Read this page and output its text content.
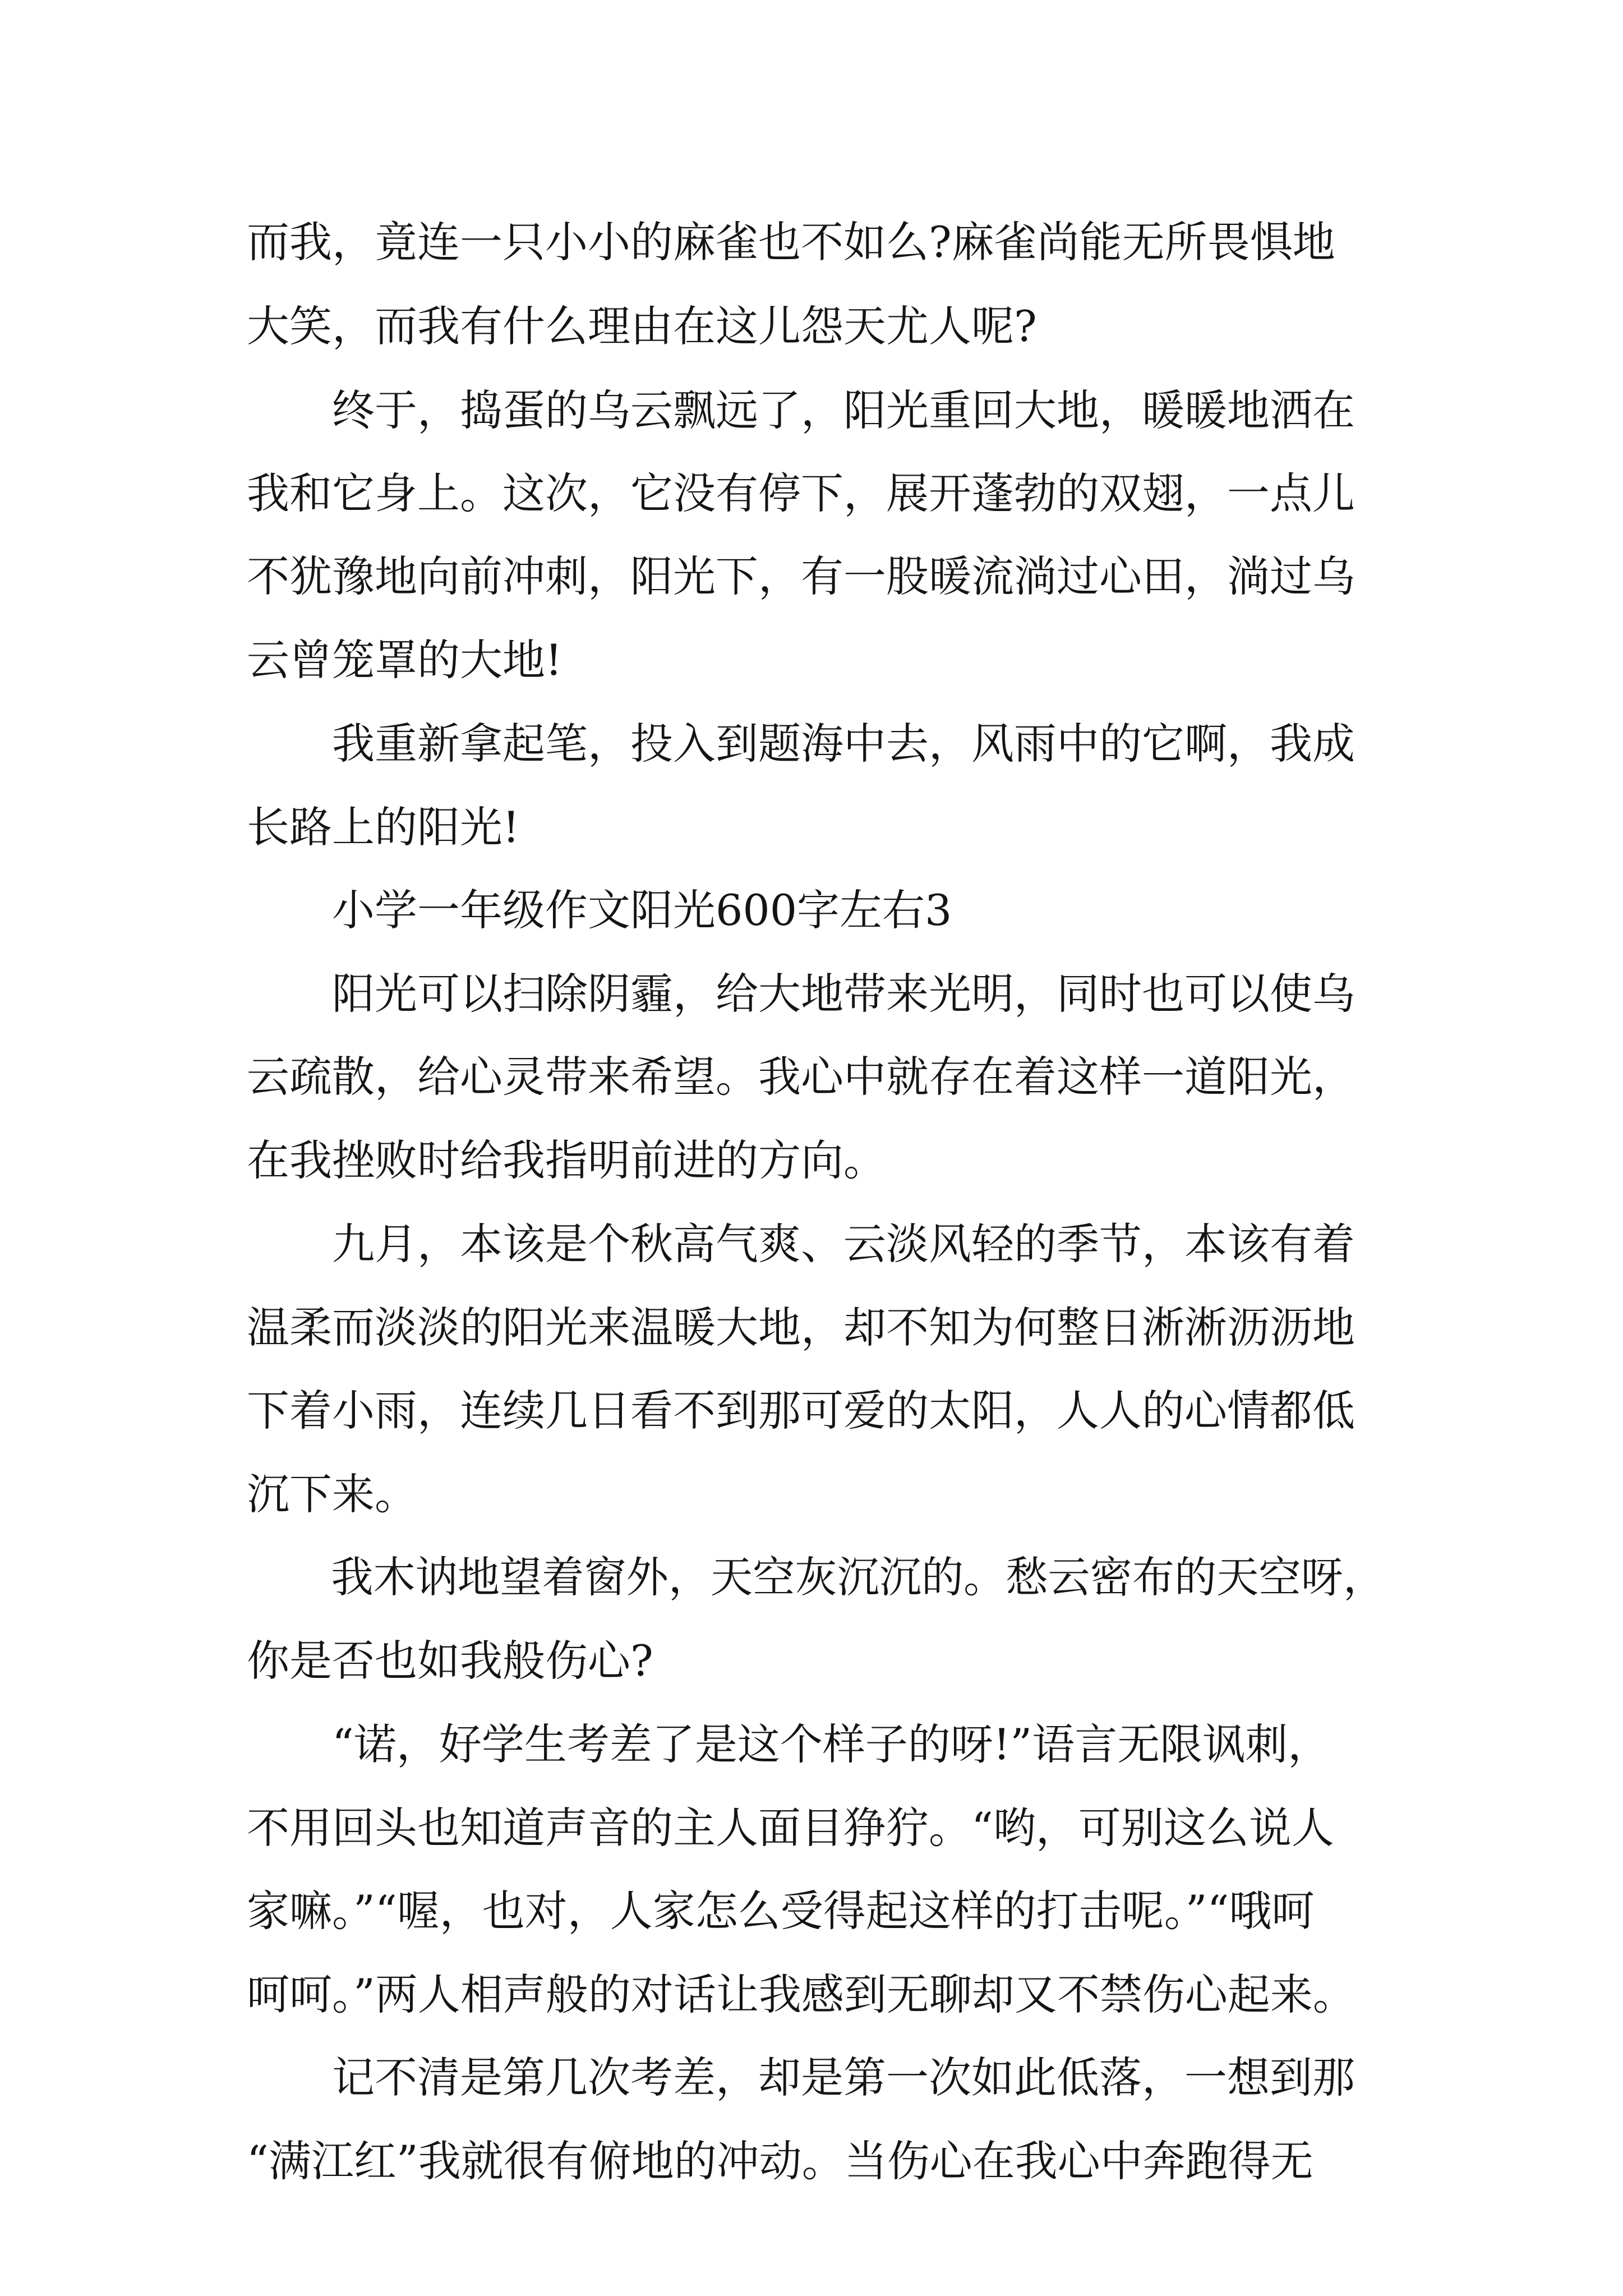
而我，竟连一只小小的麻雀也不如么?麻雀尚能无所畏惧地

大笑，而我有什么理由在这儿怨天尤人呢?

　　终于，捣蛋的乌云飘远了，阳光重回大地，暖暖地洒在

我和它身上。这次，它没有停下，展开蓬勃的双翅，一点儿

不犹豫地向前冲刺，阳光下，有一股暖流淌过心田，淌过乌

云曾笼罩的大地!

　　我重新拿起笔，投入到题海中去，风雨中的它啊，我成

长路上的阳光!

　　小学一年级作文阳光600字左右3

　　阳光可以扫除阴霾，给大地带来光明，同时也可以使乌

云疏散，给心灵带来希望。我心中就存在着这样一道阳光，

在我挫败时给我指明前进的方向。

　　九月，本该是个秋高气爽、云淡风轻的季节，本该有着

温柔而淡淡的阳光来温暖大地，却不知为何整日淅淅沥沥地

下着小雨，连续几日看不到那可爱的太阳，人人的心情都低

沉下来。

　　我木讷地望着窗外，天空灰沉沉的。愁云密布的天空呀，

你是否也如我般伤心?

　　“诺，好学生考差了是这个样子的呀!”语言无限讽刺，

不用回头也知道声音的主人面目狰狞。“哟，可别这么说人

家嘛。”“喔，也对，人家怎么受得起这样的打击呢。”“哦呵

呵呵。”两人相声般的对话让我感到无聊却又不禁伤心起来。

　　记不清是第几次考差，却是第一次如此低落，一想到那

“满江红”我就很有俯地的冲动。当伤心在我心中奔跑得无
